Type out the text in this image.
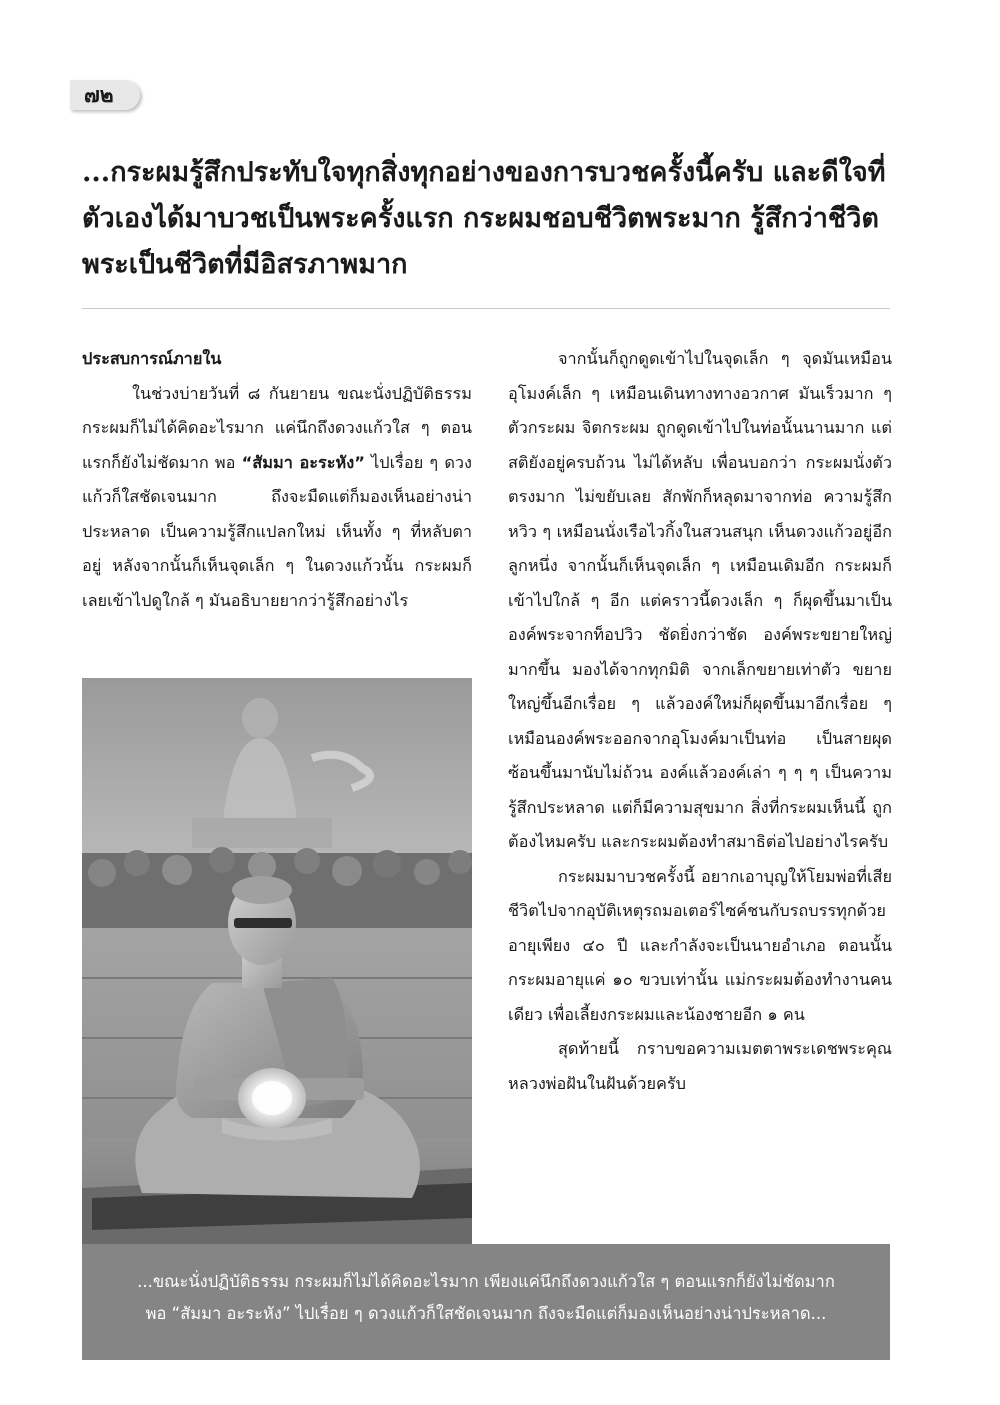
๗๒
...กระผมรู้สึกประทับใจทุกสิ่งทุกอย่างของการบวชครั้งนี้ครับ และดีใจที่ตัวเองได้มาบวชเป็นพระครั้งแรก กระผมชอบชีวิตพระมาก รู้สึกว่าชีวิตพระเป็นชีวิตที่มีอิสรภาพมาก

ประสบการณ์ภายใน

ในช่วงบ่ายวันที่ ๘ กันยายน ขณะนั่งปฏิบัติธรรม กระผมก็ไม่ได้คิดอะไรมาก แค่นึกถึงดวงแก้วใส ๆ ตอนแรกก็ยังไม่ชัดมาก พอ “สัมมา อะระหัง” ไปเรื่อย ๆ ดวงแก้วก็ใสชัดเจนมาก ถึงจะมืดแต่ก็มองเห็นอย่างน่าประหลาด เป็นความรู้สึกแปลกใหม่ เห็นทั้ง ๆ ที่หลับตาอยู่ หลังจากนั้นก็เห็นจุดเล็ก ๆ ในดวงแก้วนั้น กระผมก็เลยเข้าไปดูใกล้ ๆ มันอธิบายยากว่ารู้สึกอย่างไร

จากนั้นก็ถูกดูดเข้าไปในจุดเล็ก ๆ จุดมันเหมือนอุโมงค์เล็ก ๆ เหมือนเดินทางทางอวกาศ มันเร็วมาก ๆ ตัวกระผม จิตกระผม ถูกดูดเข้าไปในท่อนั้นนานมาก แต่สติยังอยู่ครบถ้วน ไม่ได้หลับ เพื่อนบอกว่า กระผมนั่งตัวตรงมาก ไม่ขยับเลย สักพักก็หลุดมาจากท่อ ความรู้สึกหวิว ๆ เหมือนนั่งเรือไวกิ้งในสวนสนุก เห็นดวงแก้วอยู่อีกลูกหนึ่ง จากนั้นก็เห็นจุดเล็ก ๆ เหมือนเดิมอีก กระผมก็เข้าไปใกล้ ๆ อีก แต่คราวนี้ดวงเล็ก ๆ ก็ผุดขึ้นมาเป็นองค์พระจากท็อปวิว ชัดยิ่งกว่าชัด องค์พระขยายใหญ่มากขึ้น มองได้จากทุกมิติ จากเล็กขยายเท่าตัว ขยายใหญ่ขึ้นอีกเรื่อย ๆ แล้วองค์ใหม่ก็ผุดขึ้นมาอีกเรื่อย ๆ เหมือนองค์พระออกจากอุโมงค์มาเป็นท่อ เป็นสายผุดซ้อนขึ้นมานับไม่ถ้วน องค์แล้วองค์เล่า ๆ ๆ ๆ เป็นความรู้สึกประหลาด แต่ก็มีความสุขมาก สิ่งที่กระผมเห็นนี้ ถูกต้องไหมครับ และกระผมต้องทำสมาธิต่อไปอย่างไรครับ

กระผมมาบวชครั้งนี้ อยากเอาบุญให้โยมพ่อที่เสียชีวิตไปจากอุบัติเหตุรถมอเตอร์ไซค์ชนกับรถบรรทุกด้วยอายุเพียง ๔๐ ปี และกำลังจะเป็นนายอำเภอ ตอนนั้นกระผมอายุแค่ ๑๐ ขวบเท่านั้น แม่กระผมต้องทำงานคนเดียว เพื่อเลี้ยงกระผมและน้องชายอีก ๑ คน

สุดท้ายนี้ กราบขอความเมตตาพระเดชพระคุณหลวงพ่อฝันในฝันด้วยครับ

...ขณะนั่งปฏิบัติธรรม กระผมก็ไม่ได้คิดอะไรมาก เพียงแค่นึกถึงดวงแก้วใส ๆ ตอนแรกก็ยังไม่ชัดมาก
พอ “สัมมา อะระหัง” ไปเรื่อย ๆ ดวงแก้วก็ใสชัดเจนมาก ถึงจะมืดแต่ก็มองเห็นอย่างน่าประหลาด...
